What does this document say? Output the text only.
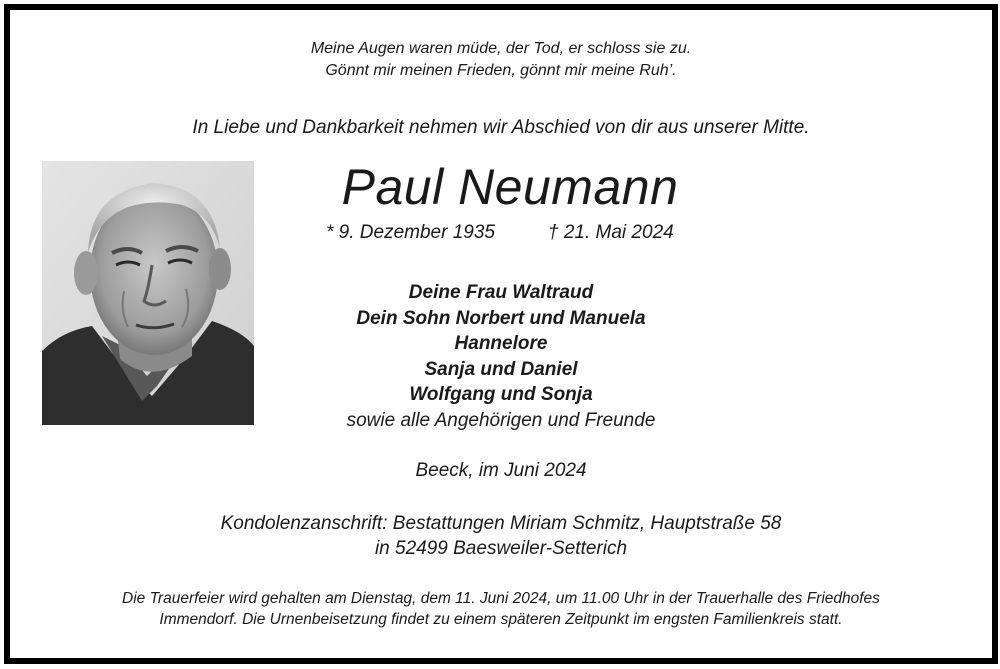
Meine Augen waren müde, der Tod, er schloss sie zu.
Gönnt mir meinen Frieden, gönnt mir meine Ruh’.
In Liebe und Dankbarkeit nehmen wir Abschied von dir aus unserer Mitte.
Paul Neumann
* 9. Dezember 1935	† 21. Mai 2024
Deine Frau Waltraud
Dein Sohn Norbert und Manuela
Hannelore
Sanja und Daniel
Wolfgang und Sonja
sowie alle Angehörigen und Freunde
Beeck, im Juni 2024
Kondolenzanschrift: Bestattungen Miriam Schmitz, Hauptstraße 58
in 52499 Baesweiler-Setterich
Die Trauerfeier wird gehalten am Dienstag, dem 11. Juni 2024, um 11.00 Uhr in der Trauerhalle des Friedhofes
Immendorf. Die Urnenbeisetzung findet zu einem späteren Zeitpunkt im engsten Familienkreis statt.
